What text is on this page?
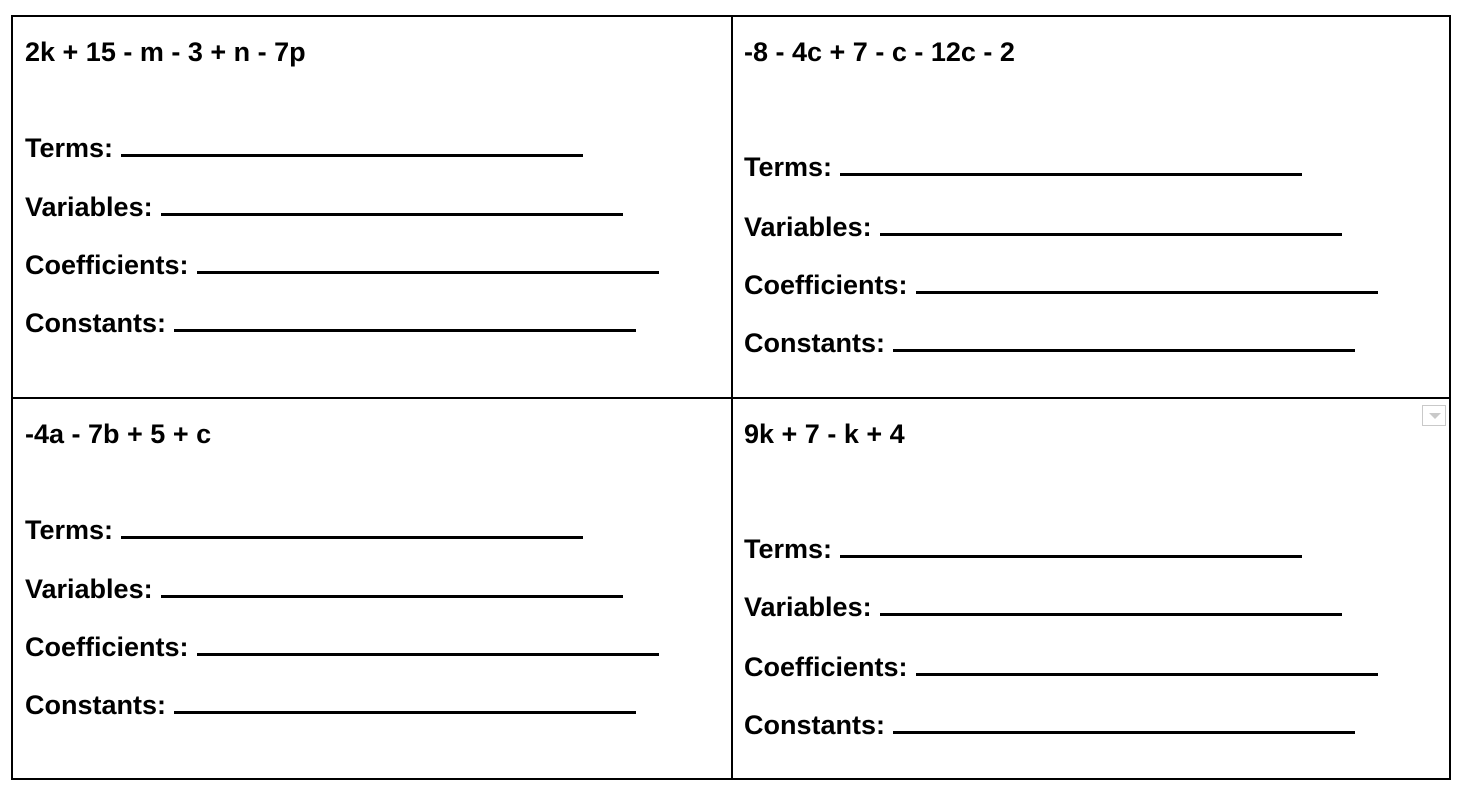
2k + 15 - m - 3 + n - 7p
Terms:
Variables:
Coefficients:
Constants:
-8 - 4c + 7 - c - 12c - 2
Terms:
Variables:
Coefficients:
Constants:
-4a - 7b + 5 + c
Terms:
Variables:
Coefficients:
Constants:
9k + 7 - k + 4
Terms:
Variables:
Coefficients:
Constants:
